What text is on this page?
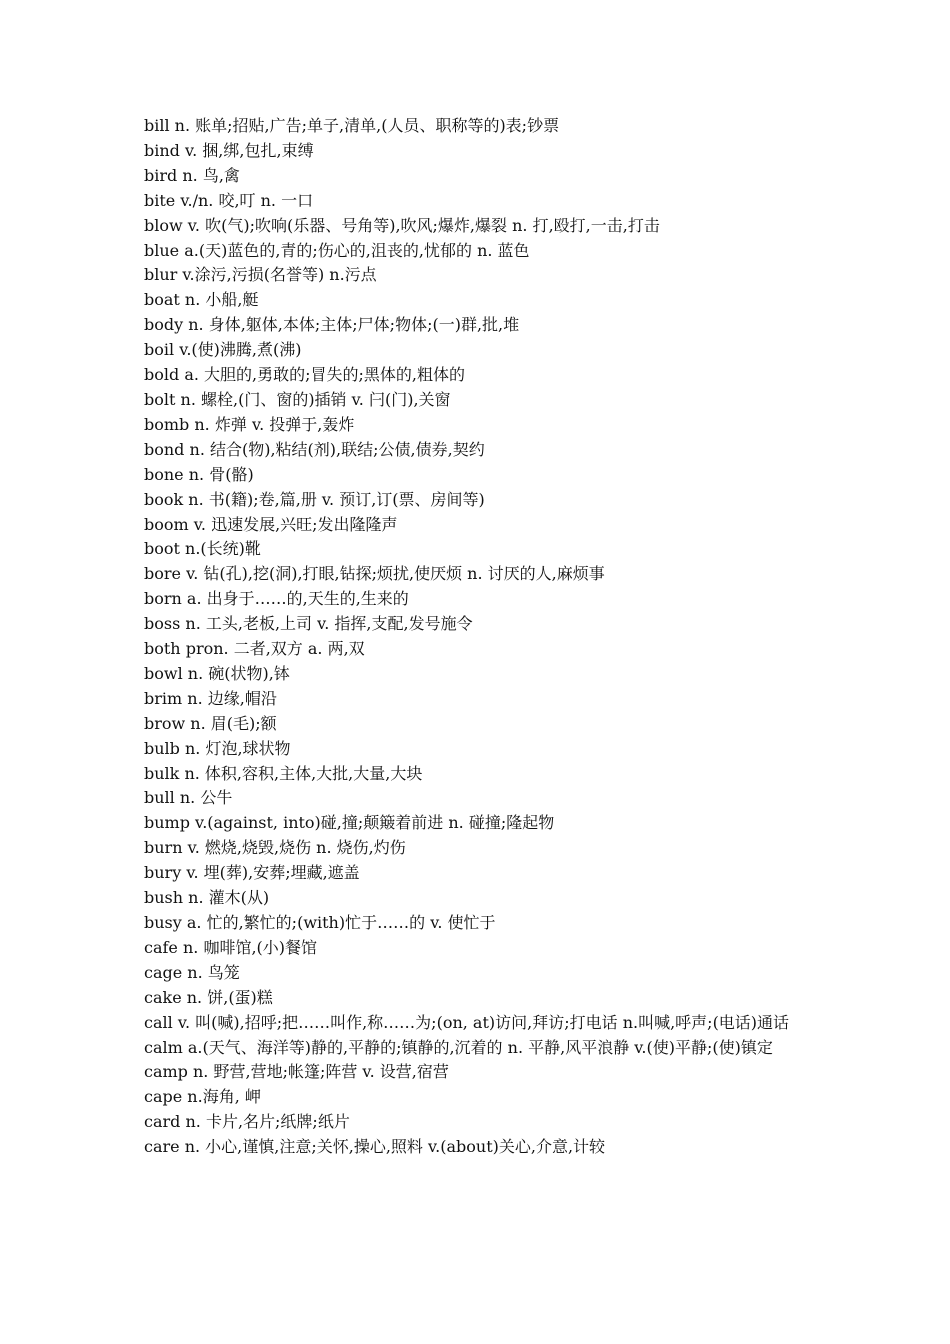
bill n. 账单;招贴,广告;单子,清单,(人员、职称等的)表;钞票

bind v. 捆,绑,包扎,束缚

bird n. 鸟,禽

bite v./n. 咬,叮 n. 一口

blow v. 吹(气);吹响(乐器、号角等),吹风;爆炸,爆裂 n. 打,殴打,一击,打击

blue a.(天)蓝色的,青的;伤心的,沮丧的,忧郁的 n. 蓝色

blur v.涂污,污损(名誉等) n.污点

boat n. 小船,艇

body n. 身体,躯体,本体;主体;尸体;物体;(一)群,批,堆

boil v.(使)沸腾,煮(沸)

bold a. 大胆的,勇敢的;冒失的;黑体的,粗体的

bolt n. 螺栓,(门、窗的)插销 v. 闩(门),关窗

bomb n. 炸弹 v. 投弹于,轰炸

bond n. 结合(物),粘结(剂),联结;公债,债券,契约

bone n. 骨(骼)

book n. 书(籍);卷,篇,册 v. 预订,订(票、房间等)

boom v. 迅速发展,兴旺;发出隆隆声

boot n.(长统)靴

bore v. 钻(孔),挖(洞),打眼,钻探;烦扰,使厌烦 n. 讨厌的人,麻烦事

born a. 出身于……的,天生的,生来的

boss n. 工头,老板,上司 v. 指挥,支配,发号施令

both pron. 二者,双方 a. 两,双

bowl n. 碗(状物),钵

brim n. 边缘,帽沿

brow n. 眉(毛);额

bulb n. 灯泡,球状物

bulk n. 体积,容积,主体,大批,大量,大块

bull n. 公牛

bump v.(against, into)碰,撞;颠簸着前进 n. 碰撞;隆起物

burn v. 燃烧,烧毁,烧伤 n. 烧伤,灼伤

bury v. 埋(葬),安葬;埋藏,遮盖

bush n. 灌木(从)

busy a. 忙的,繁忙的;(with)忙于……的 v. 使忙于

cafe n. 咖啡馆,(小)餐馆

cage n. 鸟笼

cake n. 饼,(蛋)糕

call v. 叫(喊),招呼;把……叫作,称……为;(on, at)访问,拜访;打电话 n.叫喊,呼声;(电话)通话

calm a.(天气、海洋等)静的,平静的;镇静的,沉着的 n. 平静,风平浪静 v.(使)平静;(使)镇定

camp n. 野营,营地;帐篷;阵营 v. 设营,宿营

cape n.海角, 岬

card n. 卡片,名片;纸牌;纸片

care n. 小心,谨慎,注意;关怀,操心,照料 v.(about)关心,介意,计较
